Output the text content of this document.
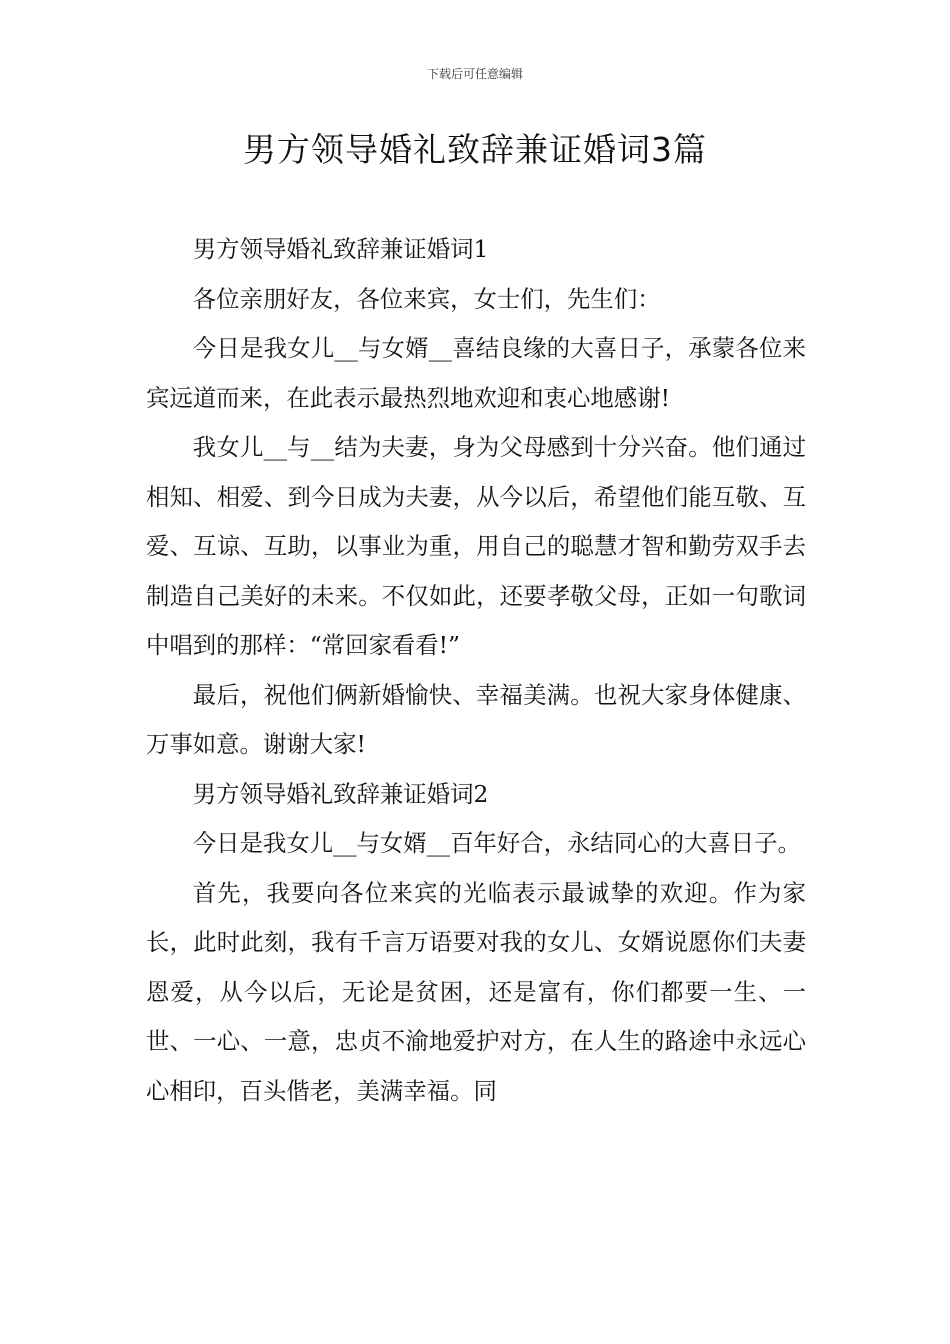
下载后可任意编辑
男方领导婚礼致辞兼证婚词3篇

男方领导婚礼致辞兼证婚词1

各位亲朋好友，各位来宾，女士们，先生们：

今日是我女儿__与女婿__喜结良缘的大喜日子，承蒙各位来宾远道而来，在此表示最热烈地欢迎和衷心地感谢!

我女儿__与__结为夫妻，身为父母感到十分兴奋。他们通过相知、相爱、到今日成为夫妻，从今以后，希望他们能互敬、互爱、互谅、互助，以事业为重，用自己的聪慧才智和勤劳双手去制造自己美好的未来。不仅如此，还要孝敬父母，正如一句歌词中唱到的那样：“常回家看看!”

最后，祝他们俩新婚愉快、幸福美满。也祝大家身体健康、万事如意。谢谢大家!

男方领导婚礼致辞兼证婚词2

今日是我女儿__与女婿__百年好合，永结同心的大喜日子。

首先，我要向各位来宾的光临表示最诚挚的欢迎。作为家长，此时此刻，我有千言万语要对我的女儿、女婿说愿你们夫妻恩爱，从今以后，无论是贫困，还是富有，你们都要一生、一世、一心、一意，忠贞不渝地爱护对方，在人生的路途中永远心心相印，百头偕老，美满幸福。同
